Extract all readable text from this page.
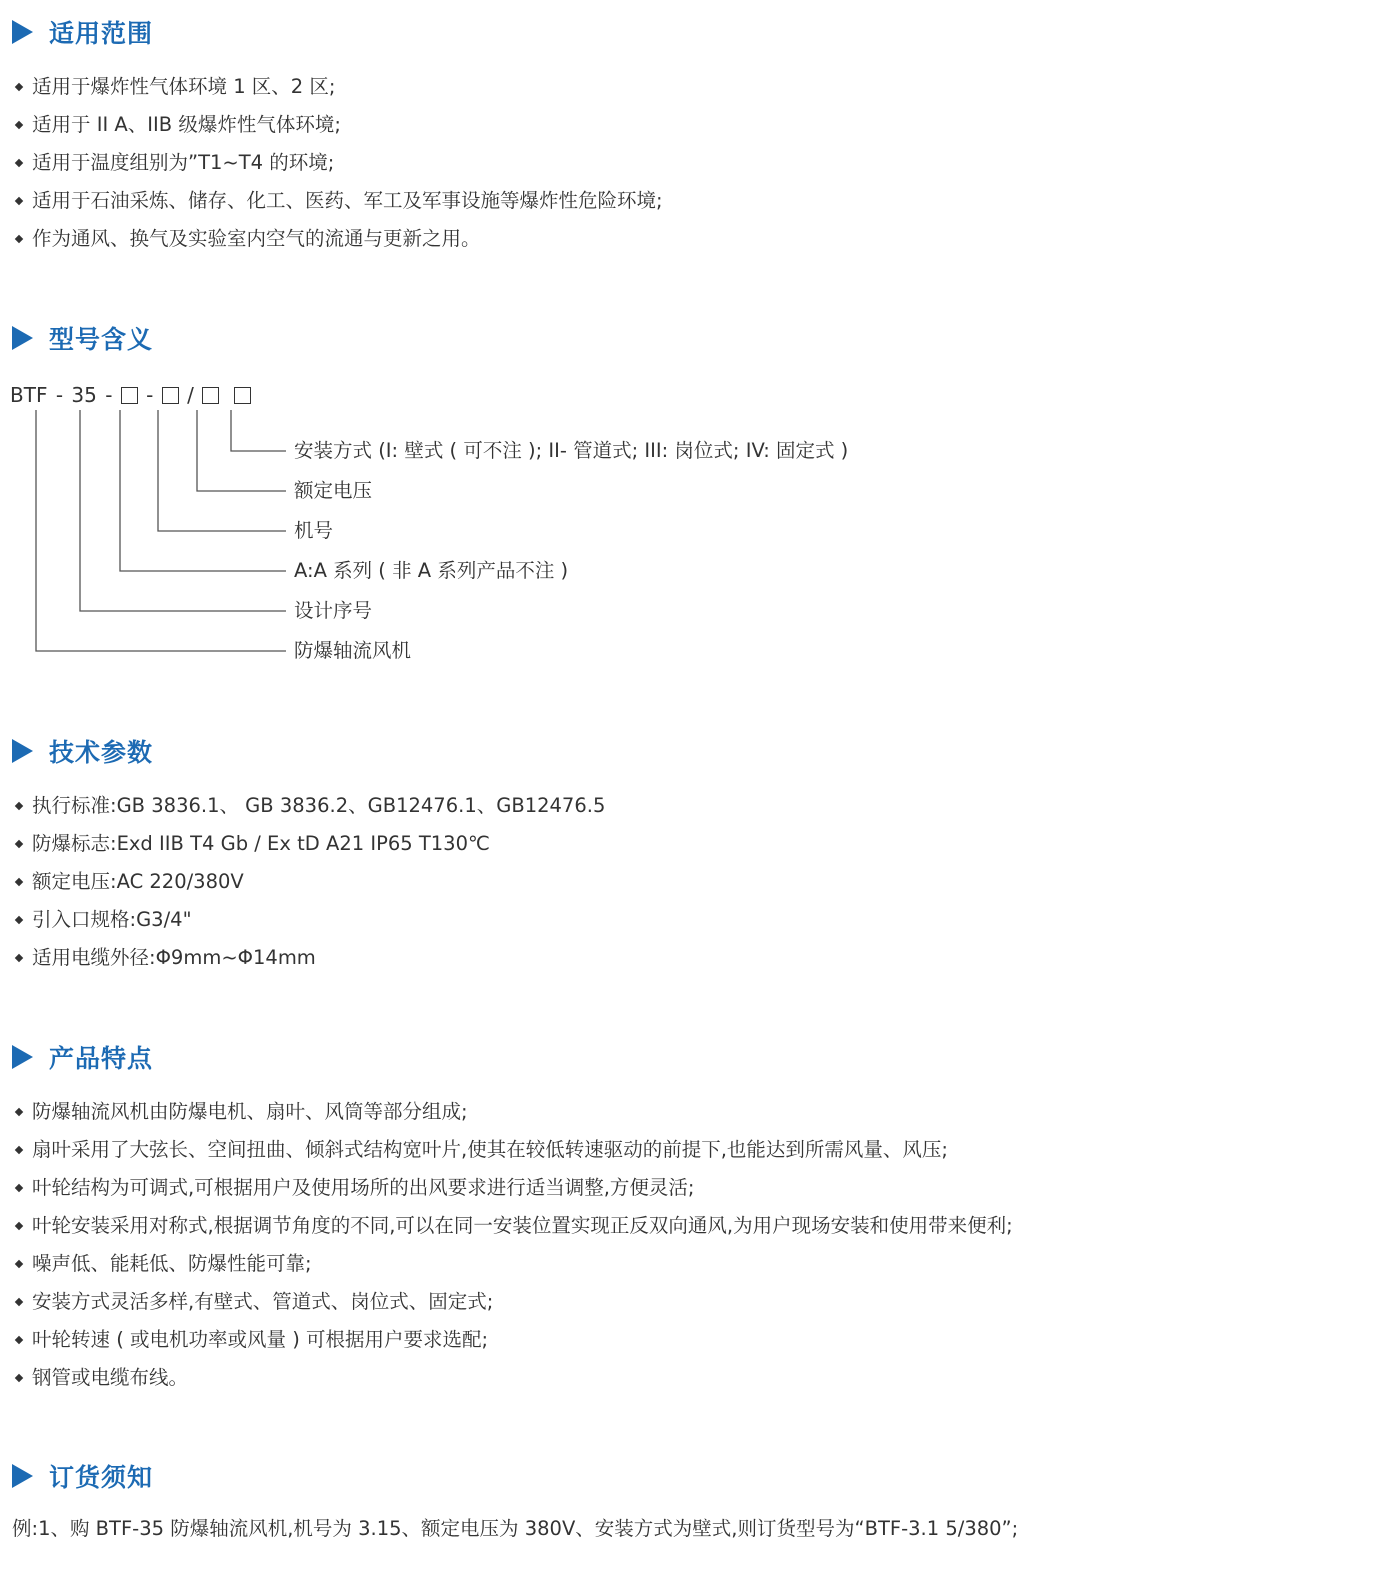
适用范围
适用于爆炸性气体环境 1 区、2 区;
适用于 II A、IIB 级爆炸性气体环境;
适用于温度组别为”T1~T4 的环境;
适用于石油采炼、储存、化工、医药、军工及军事设施等爆炸性危险环境;
作为通风、换气及实验室内空气的流通与更新之用。
型号含义
BTF - 35 - - /
安装方式 (I: 壁式 ( 可不注 ); II- 管道式; III: 岗位式; IV: 固定式 )
额定电压
机号
A:A 系列 ( 非 A 系列产品不注 )
设计序号
防爆轴流风机
技术参数
执行标准:GB 3836.1、 GB 3836.2、GB12476.1、GB12476.5
防爆标志:Exd IIB T4 Gb / Ex tD A21 IP65 T130℃
额定电压:AC 220/380V
引入口规格:G3/4"
适用电缆外径:Φ9mm~Φ14mm
产品特点
防爆轴流风机由防爆电机、扇叶、风筒等部分组成;
扇叶采用了大弦长、空间扭曲、倾斜式结构宽叶片,使其在较低转速驱动的前提下,也能达到所需风量、风压;
叶轮结构为可调式,可根据用户及使用场所的出风要求进行适当调整,方便灵活;
叶轮安装采用对称式,根据调节角度的不同,可以在同一安装位置实现正反双向通风,为用户现场安装和使用带来便利;
噪声低、能耗低、防爆性能可靠;
安装方式灵活多样,有壁式、管道式、岗位式、固定式;
叶轮转速 ( 或电机功率或风量 ) 可根据用户要求选配;
钢管或电缆布线。
订货须知
例:1、购 BTF-35 防爆轴流风机,机号为 3.15、额定电压为 380V、安装方式为壁式,则订货型号为“BTF-3.1 5/380”;
